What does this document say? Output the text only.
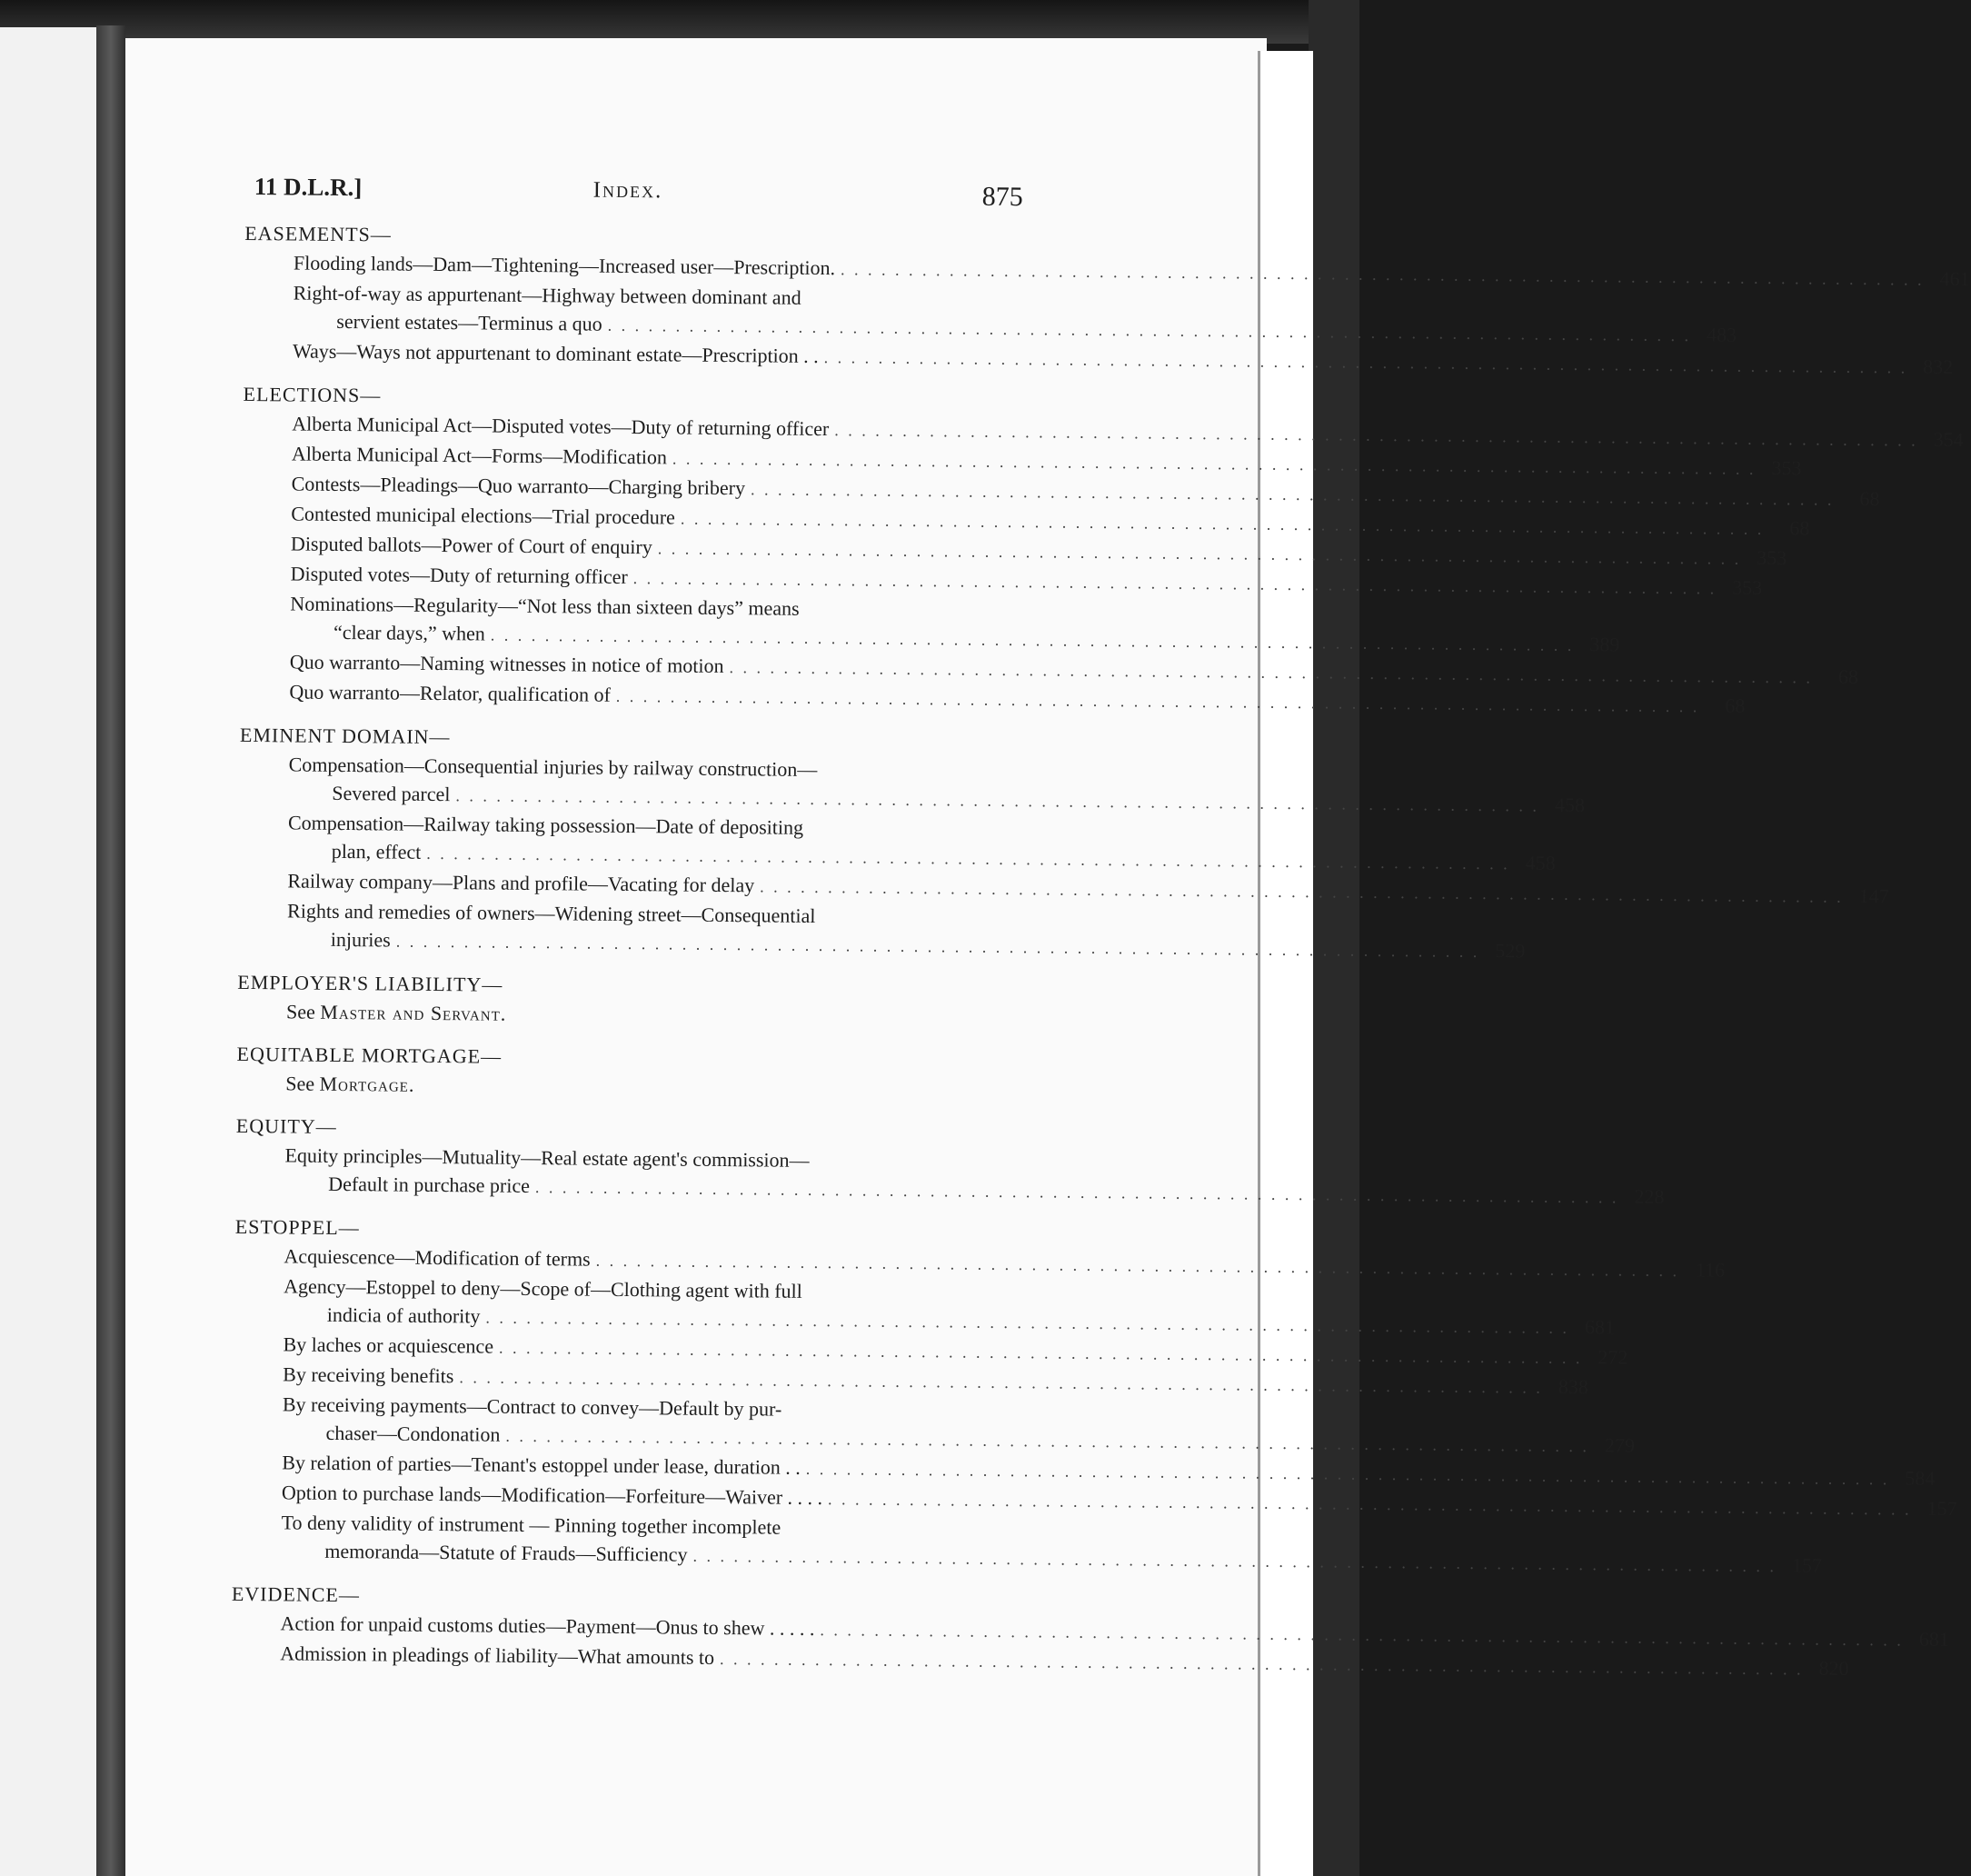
11 D.L.R.]	Index.	875
EASEMENTS—
Flooding lands—Dam—Tightening—Increased user—Prescription. . . . . . . . . . . . . . . . . . . . . . . . . . . . . . . . . . . . . . . . . . . . . . . . . . . . . . . . . . . . . . . . . . . . . . . . . . . . . . . . . 461
Right-of-way as appurtenant—Highway between dominant and
servient estates—Terminus a quo . . . . . . . . . . . . . . . . . . . . . . . . . . . . . . . . . . . . . . . . . . . . . . . . . . . . . . . . . . . . . . . . . . . . . . . . . . . . . . . . 483
Ways—Ways not appurtenant to dominant estate—Prescription . . . . . . . . . . . . . . . . . . . . . . . . . . . . . . . . . . . . . . . . . . . . . . . . . . . . . . . . . . . . . . . . . . . . . . . . . . . . . . . . . . 832
ELECTIONS—
Alberta Municipal Act—Disputed votes—Duty of returning officer . . . . . . . . . . . . . . . . . . . . . . . . . . . . . . . . . . . . . . . . . . . . . . . . . . . . . . . . . . . . . . . . . . . . . . . . . . . . . . . . 354
Alberta Municipal Act—Forms—Modification . . . . . . . . . . . . . . . . . . . . . . . . . . . . . . . . . . . . . . . . . . . . . . . . . . . . . . . . . . . . . . . . . . . . . . . . . . . . . . . . 353
Contests—Pleadings—Quo warranto—Charging bribery . . . . . . . . . . . . . . . . . . . . . . . . . . . . . . . . . . . . . . . . . . . . . . . . . . . . . . . . . . . . . . . . . . . . . . . . . . . . . . . .	68
Contested municipal elections—Trial procedure . . . . . . . . . . . . . . . . . . . . . . . . . . . . . . . . . . . . . . . . . . . . . . . . . . . . . . . . . . . . . . . . . . . . . . . . . . . . . . . .	68
Disputed ballots—Power of Court of enquiry . . . . . . . . . . . . . . . . . . . . . . . . . . . . . . . . . . . . . . . . . . . . . . . . . . . . . . . . . . . . . . . . . . . . . . . . . . . . . . . . 353
Disputed votes—Duty of returning officer . . . . . . . . . . . . . . . . . . . . . . . . . . . . . . . . . . . . . . . . . . . . . . . . . . . . . . . . . . . . . . . . . . . . . . . . . . . . . . . . 353
Nominations—Regularity—“Not less than sixteen days” means
“clear days,” when . . . . . . . . . . . . . . . . . . . . . . . . . . . . . . . . . . . . . . . . . . . . . . . . . . . . . . . . . . . . . . . . . . . . . . . . . . . . . . . . 389
Quo warranto—Naming witnesses in notice of motion . . . . . . . . . . . . . . . . . . . . . . . . . . . . . . . . . . . . . . . . . . . . . . . . . . . . . . . . . . . . . . . . . . . . . . . . . . . . . . . .	68
Quo warranto—Relator, qualification of . . . . . . . . . . . . . . . . . . . . . . . . . . . . . . . . . . . . . . . . . . . . . . . . . . . . . . . . . . . . . . . . . . . . . . . . . . . . . . . .	68
EMINENT DOMAIN—
Compensation—Consequential injuries by railway construction—
Severed parcel . . . . . . . . . . . . . . . . . . . . . . . . . . . . . . . . . . . . . . . . . . . . . . . . . . . . . . . . . . . . . . . . . . . . . . . . . . . . . . . . 458
Compensation—Railway taking possession—Date of depositing
plan, effect . . . . . . . . . . . . . . . . . . . . . . . . . . . . . . . . . . . . . . . . . . . . . . . . . . . . . . . . . . . . . . . . . . . . . . . . . . . . . . . . 458
Railway company—Plans and profile—Vacating for delay . . . . . . . . . . . . . . . . . . . . . . . . . . . . . . . . . . . . . . . . . . . . . . . . . . . . . . . . . . . . . . . . . . . . . . . . . . . . . . . . 147
Rights and remedies of owners—Widening street—Consequential
injuries . . . . . . . . . . . . . . . . . . . . . . . . . . . . . . . . . . . . . . . . . . . . . . . . . . . . . . . . . . . . . . . . . . . . . . . . . . . . . . . . 529
EMPLOYER'S LIABILITY—
See Master and Servant.
EQUITABLE MORTGAGE—
See Mortgage.
EQUITY—
Equity principles—Mutuality—Real estate agent's commission—
Default in purchase price . . . . . . . . . . . . . . . . . . . . . . . . . . . . . . . . . . . . . . . . . . . . . . . . . . . . . . . . . . . . . . . . . . . . . . . . . . . . . . . . 228
ESTOPPEL—
Acquiescence—Modification of terms . . . . . . . . . . . . . . . . . . . . . . . . . . . . . . . . . . . . . . . . . . . . . . . . . . . . . . . . . . . . . . . . . . . . . . . . . . . . . . . . 116
Agency—Estoppel to deny—Scope of—Clothing agent with full
indicia of authority . . . . . . . . . . . . . . . . . . . . . . . . . . . . . . . . . . . . . . . . . . . . . . . . . . . . . . . . . . . . . . . . . . . . . . . . . . . . . . . . 681
By laches or acquiescence . . . . . . . . . . . . . . . . . . . . . . . . . . . . . . . . . . . . . . . . . . . . . . . . . . . . . . . . . . . . . . . . . . . . . . . . . . . . . . . . 272
By receiving benefits . . . . . . . . . . . . . . . . . . . . . . . . . . . . . . . . . . . . . . . . . . . . . . . . . . . . . . . . . . . . . . . . . . . . . . . . . . . . . . . . 838
By receiving payments—Contract to convey—Default by pur-
chaser—Condonation . . . . . . . . . . . . . . . . . . . . . . . . . . . . . . . . . . . . . . . . . . . . . . . . . . . . . . . . . . . . . . . . . . . . . . . . . . . . . . . . 279
By relation of parties—Tenant's estoppel under lease, duration . . . . . . . . . . . . . . . . . . . . . . . . . . . . . . . . . . . . . . . . . . . . . . . . . . . . . . . . . . . . . . . . . . . . . . . . . . . . . . . . . . 584
Option to purchase lands—Modification—Forfeiture—Waiver . . . . . . . . . . . . . . . . . . . . . . . . . . . . . . . . . . . . . . . . . . . . . . . . . . . . . . . . . . . . . . . . . . . . . . . . . . . . . . . . . . . . 157
To deny validity of instrument — Pinning together incomplete
memoranda—Statute of Frauds—Sufficiency . . . . . . . . . . . . . . . . . . . . . . . . . . . . . . . . . . . . . . . . . . . . . . . . . . . . . . . . . . . . . . . . . . . . . . . . . . . . . . . . 157
EVIDENCE—
Action for unpaid customs duties—Payment—Onus to shew . . . . . . . . . . . . . . . . . . . . . . . . . . . . . . . . . . . . . . . . . . . . . . . . . . . . . . . . . . . . . . . . . . . . . . . . . . . . . . . . . . . . . 681
Admission in pleadings of liability—What amounts to . . . . . . . . . . . . . . . . . . . . . . . . . . . . . . . . . . . . . . . . . . . . . . . . . . . . . . . . . . . . . . . . . . . . . . . . . . . . . . . . 820
